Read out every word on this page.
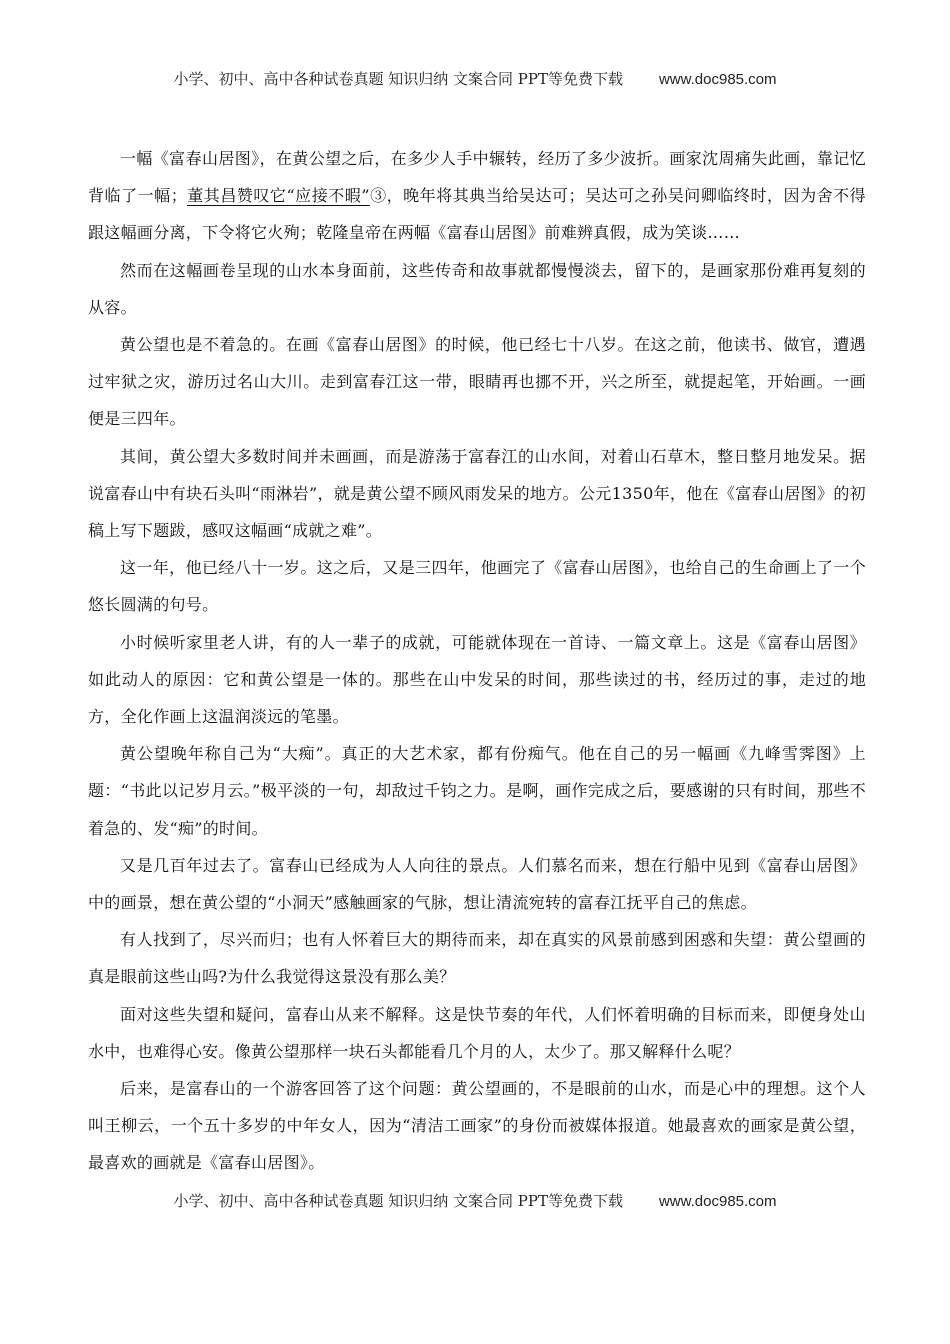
小学、初中、高中各种试卷真题 知识归纳 文案合同 PPT等免费下载 www.doc985.com

一幅《富春山居图》，在黄公望之后，在多少人手中辗转，经历了多少波折。画家沈周痛失此画，靠记忆背临了一幅；董其昌赞叹它“应接不暇”③，晚年将其典当给吴达可；吴达可之孙吴问卿临终时，因为舍不得跟这幅画分离，下令将它火殉；乾隆皇帝在两幅《富春山居图》前难辨真假，成为笑谈……

然而在这幅画卷呈现的山水本身面前，这些传奇和故事就都慢慢淡去，留下的，是画家那份难再复刻的从容。

黄公望也是不着急的。在画《富春山居图》的时候，他已经七十八岁。在这之前，他读书、做官，遭遇过牢狱之灾，游历过名山大川。走到富春江这一带，眼睛再也挪不开，兴之所至，就提起笔，开始画。一画便是三四年。

其间，黄公望大多数时间并未画画，而是游荡于富春江的山水间，对着山石草木，整日整月地发呆。据说富春山中有块石头叫“雨淋岩”，就是黄公望不顾风雨发呆的地方。公元1350年，他在《富春山居图》的初稿上写下题跋，感叹这幅画“成就之难”。

这一年，他已经八十一岁。这之后，又是三四年，他画完了《富春山居图》，也给自己的生命画上了一个悠长圆满的句号。

小时候听家里老人讲，有的人一辈子的成就，可能就体现在一首诗、一篇文章上。这是《富春山居图》如此动人的原因：它和黄公望是一体的。那些在山中发呆的时间，那些读过的书，经历过的事，走过的地方，全化作画上这温润淡远的笔墨。

黄公望晚年称自己为“大痴”。真正的大艺术家，都有份痴气。他在自己的另一幅画《九峰雪霁图》上题：“书此以记岁月云。”极平淡的一句，却敌过千钧之力。是啊，画作完成之后，要感谢的只有时间，那些不着急的、发“痴”的时间。

又是几百年过去了。富春山已经成为人人向往的景点。人们慕名而来，想在行船中见到《富春山居图》中的画景，想在黄公望的“小洞天”感触画家的气脉，想让清流宛转的富春江抚平自己的焦虑。

有人找到了，尽兴而归；也有人怀着巨大的期待而来，却在真实的风景前感到困惑和失望：黄公望画的真是眼前这些山吗?为什么我觉得这景没有那么美？

面对这些失望和疑问，富春山从来不解释。这是快节奏的年代，人们怀着明确的目标而来，即便身处山水中，也难得心安。像黄公望那样一块石头都能看几个月的人，太少了。那又解释什么呢？

后来，是富春山的一个游客回答了这个问题：黄公望画的，不是眼前的山水，而是心中的理想。这个人叫王柳云，一个五十多岁的中年女人，因为“清洁工画家”的身份而被媒体报道。她最喜欢的画家是黄公望，最喜欢的画就是《富春山居图》。

小学、初中、高中各种试卷真题 知识归纳 文案合同 PPT等免费下载 www.doc985.com
